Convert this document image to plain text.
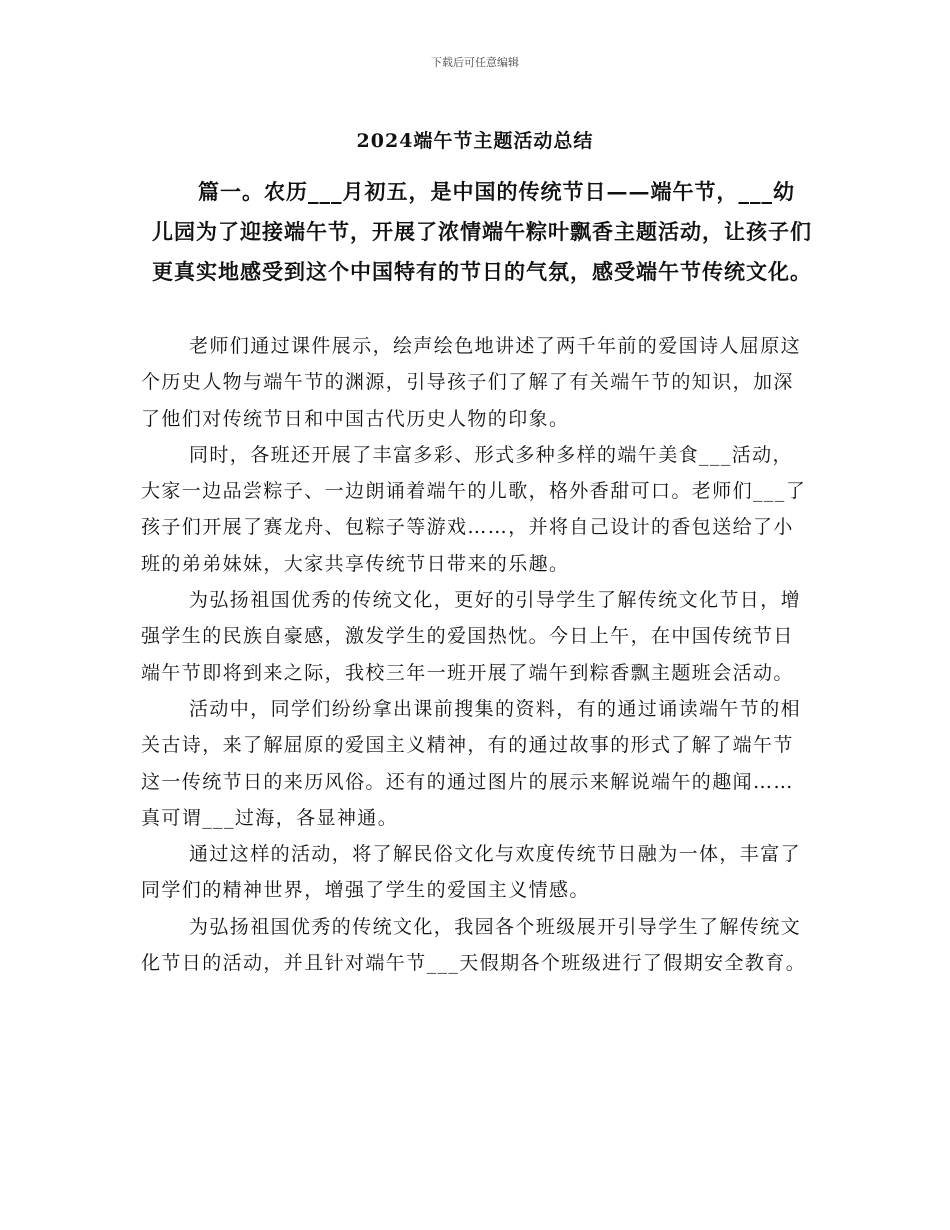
下载后可任意编辑
2024端午节主题活动总结

篇一。农历___月初五，是中国的传统节日——端午节，___幼儿园为了迎接端午节，开展了浓情端午粽叶飘香主题活动，让孩子们更真实地感受到这个中国特有的节日的气氛，感受端午节传统文化。

老师们通过课件展示，绘声绘色地讲述了两千年前的爱国诗人屈原这个历史人物与端午节的渊源，引导孩子们了解了有关端午节的知识，加深了他们对传统节日和中国古代历史人物的印象。

同时，各班还开展了丰富多彩、形式多种多样的端午美食___活动，大家一边品尝粽子、一边朗诵着端午的儿歌，格外香甜可口。老师们___了孩子们开展了赛龙舟、包粽子等游戏……，并将自己设计的香包送给了小班的弟弟妹妹，大家共享传统节日带来的乐趣。

为弘扬祖国优秀的传统文化，更好的引导学生了解传统文化节日，增强学生的民族自豪感，激发学生的爱国热忱。今日上午，在中国传统节日端午节即将到来之际，我校三年一班开展了端午到粽香飘主题班会活动。

活动中，同学们纷纷拿出课前搜集的资料，有的通过诵读端午节的相关古诗，来了解屈原的爱国主义精神，有的通过故事的形式了解了端午节这一传统节日的来历风俗。还有的通过图片的展示来解说端午的趣闻……真可谓___过海，各显神通。

通过这样的活动，将了解民俗文化与欢度传统节日融为一体，丰富了同学们的精神世界，增强了学生的爱国主义情感。

为弘扬祖国优秀的传统文化，我园各个班级展开引导学生了解传统文化节日的活动，并且针对端午节___天假期各个班级进行了假期安全教育。
